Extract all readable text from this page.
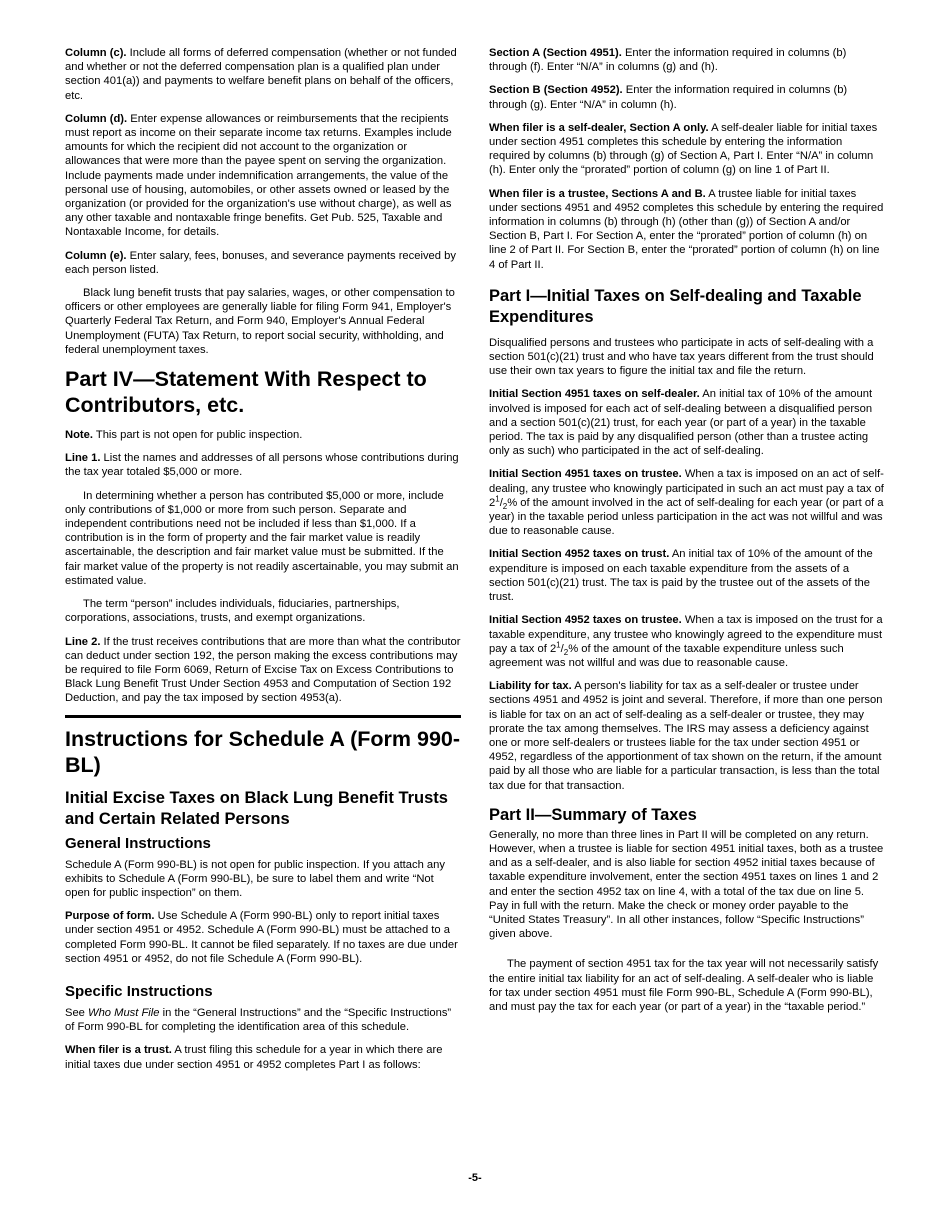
Column (c). Include all forms of deferred compensation (whether or not funded and whether or not the deferred compensation plan is a qualified plan under section 401(a)) and payments to welfare benefit plans on behalf of the officers, etc.

Column (d). Enter expense allowances or reimbursements that the recipients must report as income on their separate income tax returns. Examples include amounts for which the recipient did not account to the organization or allowances that were more than the payee spent on serving the organization. Include payments made under indemnification arrangements, the value of the personal use of housing, automobiles, or other assets owned or leased by the organization (or provided for the organization's use without charge), as well as any other taxable and nontaxable fringe benefits. Get Pub. 525, Taxable and Nontaxable Income, for details.

Column (e). Enter salary, fees, bonuses, and severance payments received by each person listed.

Black lung benefit trusts that pay salaries, wages, or other compensation to officers or other employees are generally liable for filing Form 941, Employer's Quarterly Federal Tax Return, and Form 940, Employer's Annual Federal Unemployment (FUTA) Tax Return, to report social security, withholding, and federal unemployment taxes.

Part IV—Statement With Respect to Contributors, etc.

Note. This part is not open for public inspection.

Line 1. List the names and addresses of all persons whose contributions during the tax year totaled $5,000 or more.

In determining whether a person has contributed $5,000 or more, include only contributions of $1,000 or more from such person. Separate and independent contributions need not be included if less than $1,000. If a contribution is in the form of property and the fair market value is readily ascertainable, the description and fair market value must be submitted. If the fair market value of the property is not readily ascertainable, you may submit an estimated value.

The term “person” includes individuals, fiduciaries, partnerships, corporations, associations, trusts, and exempt organizations.

Line 2. If the trust receives contributions that are more than what the contributor can deduct under section 192, the person making the excess contributions may be required to file Form 6069, Return of Excise Tax on Excess Contributions to Black Lung Benefit Trust Under Section 4953 and Computation of Section 192 Deduction, and pay the tax imposed by section 4953(a).

Instructions for Schedule A (Form 990-BL)
Initial Excise Taxes on Black Lung Benefit Trusts and Certain Related Persons
General Instructions

Schedule A (Form 990-BL) is not open for public inspection. If you attach any exhibits to Schedule A (Form 990-BL), be sure to label them and write “Not open for public inspection” on them.

Purpose of form. Use Schedule A (Form 990-BL) only to report initial taxes under section 4951 or 4952. Schedule A (Form 990-BL) must be attached to a completed Form 990-BL. It cannot be filed separately. If no taxes are due under section 4951 or 4952, do not file Schedule A (Form 990-BL).

Specific Instructions

See Who Must File in the “General Instructions” and the “Specific Instructions” of Form 990-BL for completing the identification area of this schedule.

When filer is a trust. A trust filing this schedule for a year in which there are initial taxes due under section 4951 or 4952 completes Part I as follows:

Section A (Section 4951). Enter the information required in columns (b) through (f). Enter “N/A” in columns (g) and (h).

Section B (Section 4952). Enter the information required in columns (b) through (g). Enter “N/A” in column (h).

When filer is a self-dealer, Section A only. A self-dealer liable for initial taxes under section 4951 completes this schedule by entering the information required by columns (b) through (g) of Section A, Part I. Enter “N/A” in column (h). Enter only the “prorated” portion of column (g) on line 1 of Part II.

When filer is a trustee, Sections A and B. A trustee liable for initial taxes under sections 4951 and 4952 completes this schedule by entering the required information in columns (b) through (h) (other than (g)) of Section A and/or Section B, Part I. For Section A, enter the “prorated” portion of column (h) on line 2 of Part II. For Section B, enter the “prorated” portion of column (h) on line 4 of Part II.

Part I—Initial Taxes on Self-dealing and Taxable Expenditures

Disqualified persons and trustees who participate in acts of self-dealing with a section 501(c)(21) trust and who have tax years different from the trust should use their own tax years to figure the initial tax and file the return.

Initial Section 4951 taxes on self-dealer. An initial tax of 10% of the amount involved is imposed for each act of self-dealing between a disqualified person and a section 501(c)(21) trust, for each year (or part of a year) in the taxable period. The tax is paid by any disqualified person (other than a trustee acting only as such) who participated in the act of self-dealing.

Initial Section 4951 taxes on trustee. When a tax is imposed on an act of self-dealing, any trustee who knowingly participated in such an act must pay a tax of $2^1/_2\%$ of the amount involved in the act of self-dealing for each year (or part of a year) in the taxable period unless participation in the act was not willful and was due to reasonable cause.

Initial Section 4952 taxes on trust. An initial tax of 10% of the amount of the expenditure is imposed on each taxable expenditure from the assets of a section 501(c)(21) trust. The tax is paid by the trustee out of the assets of the trust.

Initial Section 4952 taxes on trustee. When a tax is imposed on the trust for a taxable expenditure, any trustee who knowingly agreed to the expenditure must pay a tax of $2^1/_2\%$ of the amount of the taxable expenditure unless such agreement was not willful and was due to reasonable cause.

Liability for tax. A person's liability for tax as a self-dealer or trustee under sections 4951 and 4952 is joint and several. Therefore, if more than one person is liable for tax on an act of self-dealing as a self-dealer or trustee, they may prorate the tax among themselves. The IRS may assess a deficiency against one or more self-dealers or trustees liable for the tax under section 4951 or 4952, regardless of the apportionment of tax shown on the return, if the amount paid by all those who are liable for a particular transaction, is less than the total tax due for that transaction.

Part II—Summary of Taxes

Generally, no more than three lines in Part II will be completed on any return. However, when a trustee is liable for section 4951 initial taxes, both as a trustee and as a self-dealer, and is also liable for section 4952 initial taxes because of taxable expenditure involvement, enter the section 4951 taxes on lines 1 and 2 and enter the section 4952 tax on line 4, with a total of the tax due on line 5. Pay in full with the return. Make the check or money order payable to the “United States Treasury”. In all other instances, follow “Specific Instructions” given above.

The payment of section 4951 tax for the tax year will not necessarily satisfy the entire initial tax liability for an act of self-dealing. A self-dealer who is liable for tax under section 4951 must file Form 990-BL, Schedule A (Form 990-BL), and must pay the tax for each year (or part of a year) in the “taxable period.”

-5-
